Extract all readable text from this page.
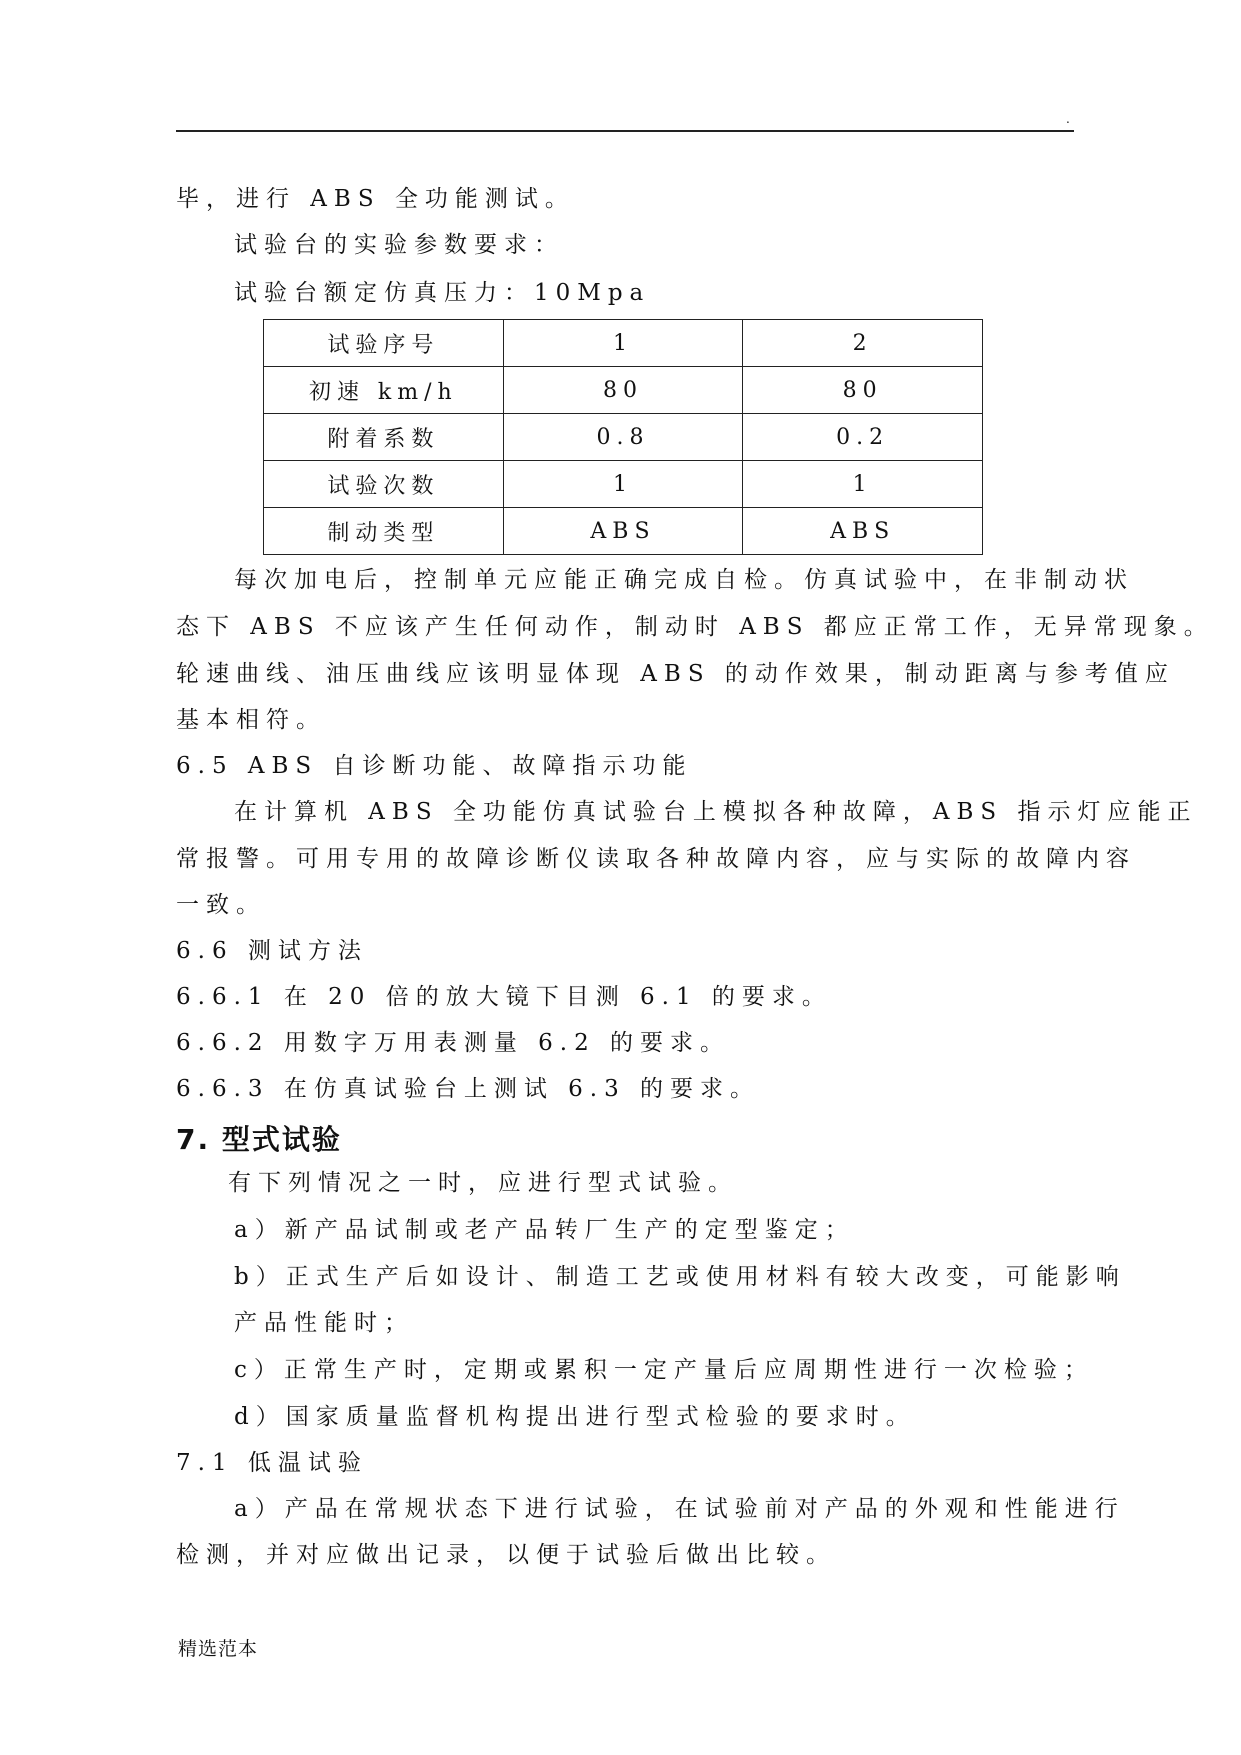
.
毕，进行 ABS 全功能测试。
试验台的实验参数要求：
试验台额定仿真压力：10Mpa
试验序号	1	2
初速 km/h	80	80
附着系数	0.8	0.2
试验次数	1	1
制动类型	ABS	ABS
每次加电后，控制单元应能正确完成自检。仿真试验中，在非制动状
态下 ABS 不应该产生任何动作，制动时 ABS 都应正常工作，无异常现象。
轮速曲线、油压曲线应该明显体现 ABS 的动作效果，制动距离与参考值应
基本相符。
6.5 ABS 自诊断功能、故障指示功能
在计算机 ABS 全功能仿真试验台上模拟各种故障，ABS 指示灯应能正
常报警。可用专用的故障诊断仪读取各种故障内容，应与实际的故障内容
一致。
6.6 测试方法
6.6.1 在 20 倍的放大镜下目测 6.1 的要求。
6.6.2 用数字万用表测量 6.2 的要求。
6.6.3 在仿真试验台上测试 6.3 的要求。
7. 型式试验
有下列情况之一时，应进行型式试验。
a）新产品试制或老产品转厂生产的定型鉴定；
b）正式生产后如设计、制造工艺或使用材料有较大改变，可能影响
产品性能时；
c）正常生产时，定期或累积一定产量后应周期性进行一次检验；
d）国家质量监督机构提出进行型式检验的要求时。
7.1 低温试验
a）产品在常规状态下进行试验，在试验前对产品的外观和性能进行
检测，并对应做出记录，以便于试验后做出比较。
精选范本
